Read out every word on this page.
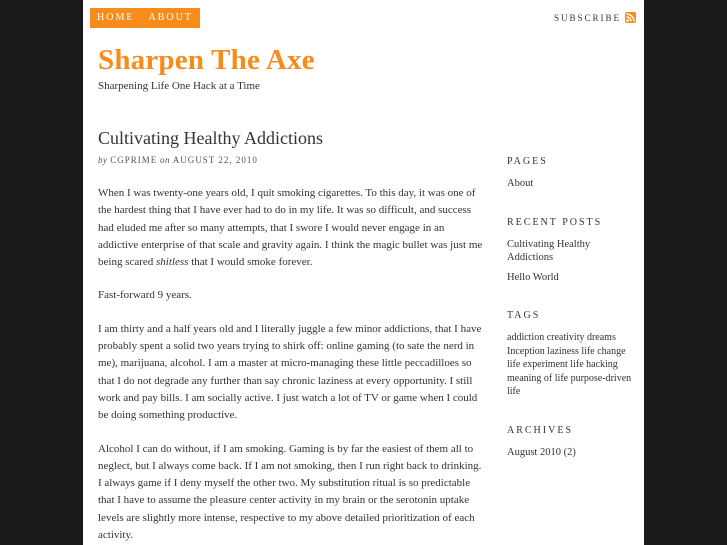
HOME	ABOUT	SUBSCRIBE
Sharpen The Axe
Sharpening Life One Hack at a Time
Cultivating Healthy Addictions
by CGPRIME on AUGUST 22, 2010

When I was twenty-one years old, I quit smoking cigarettes. To this day, it was one of the hardest thing that I have ever had to do in my life. It was so difficult, and success had eluded me after so many attempts, that I swore I would never engage in an addictive enterprise of that scale and gravity again. I think the magic bullet was just me being scared shitless that I would smoke forever.

Fast-forward 9 years.

I am thirty and a half years old and I literally juggle a few minor addictions, that I have probably spent a solid two years trying to shirk off: online gaming (to sate the nerd in me), marijuana, alcohol. I am a master at micro-managing these little peccadilloes so that I do not degrade any further than say chronic laziness at every opportunity. I still work and pay bills. I am socially active. I just watch a lot of TV or game when I could be doing something productive.

Alcohol I can do without, if I am smoking. Gaming is by far the easiest of them all to neglect, but I always come back. If I am not smoking, then I run right back to drinking. I always game if I deny myself the other two. My substitution ritual is so predictable that I have to assume the pleasure center activity in my brain or the serotonin uptake levels are slightly more intense, respective to my above detailed prioritization of each activity.

PAGES
About
RECENT POSTS
Cultivating Healthy Addictions
Hello World
TAGS
addiction creativity dreams Inception laziness life change life experiment life hacking meaning of life purpose-driven life
ARCHIVES
August 2010 (2)
